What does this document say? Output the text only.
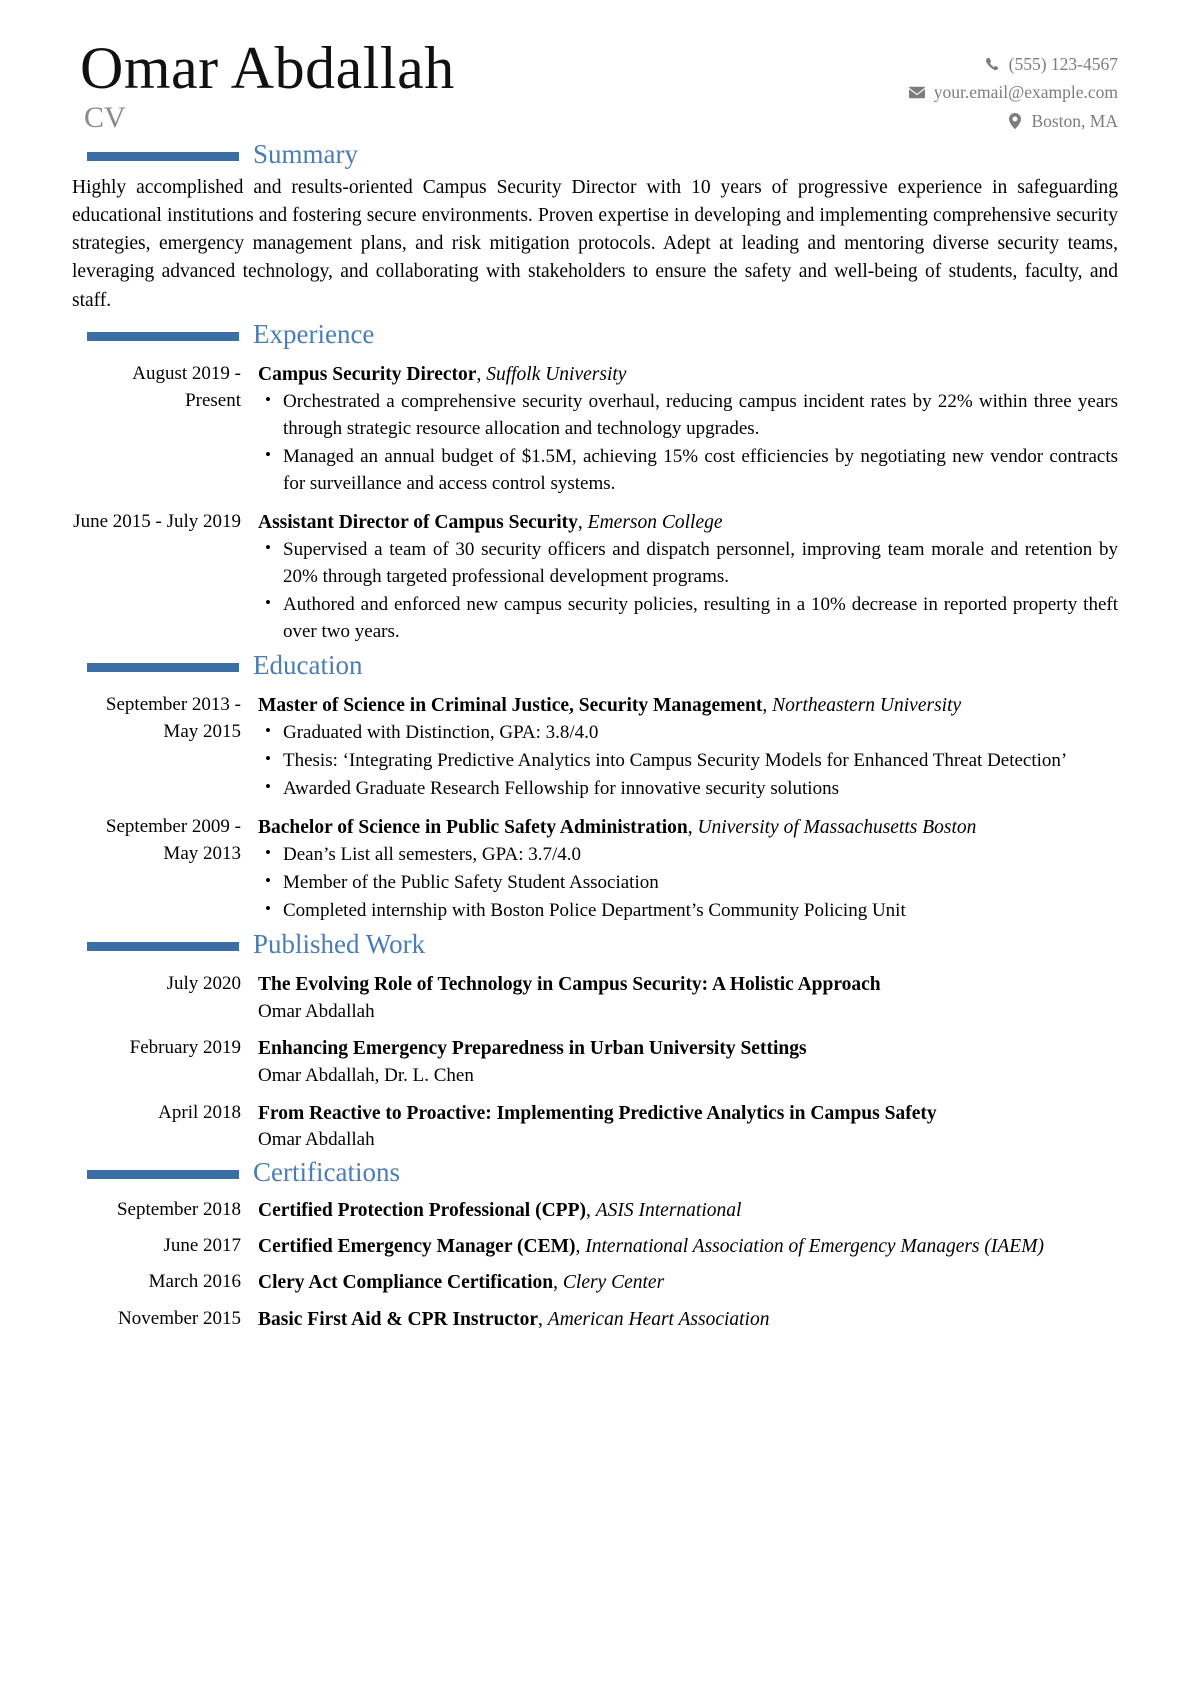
Omar Abdallah
CV
(555) 123-4567
your.email@example.com
Boston, MA
Summary

Highly accomplished and results-oriented Campus Security Director with 10 years of progressive experience in safeguarding educational institutions and fostering secure environments. Proven expertise in developing and implementing comprehensive security strategies, emergency management plans, and risk mitigation protocols. Adept at leading and mentoring diverse security teams, leveraging advanced technology, and collaborating with stakeholders to ensure the safety and well-being of students, faculty, and staff.

Experience
August 2019 - Present
Campus Security Director, Suffolk University
• Orchestrated a comprehensive security overhaul, reducing campus incident rates by 22% within three years through strategic resource allocation and technology upgrades.
• Managed an annual budget of $1.5M, achieving 15% cost efficiencies by negotiating new vendor contracts for surveillance and access control systems.
June 2015 - July 2019 Assistant Director of Campus Security, Emerson College
• Supervised a team of 30 security officers and dispatch personnel, improving team morale and retention by 20% through targeted professional development programs.
• Authored and enforced new campus security policies, resulting in a 10% decrease in reported property theft over two years.
Education
September 2013 - May 2015
Master of Science in Criminal Justice, Security Management, Northeastern University
• Graduated with Distinction, GPA: 3.8/4.0
• Thesis: ‘Integrating Predictive Analytics into Campus Security Models for Enhanced Threat Detection’
• Awarded Graduate Research Fellowship for innovative security solutions
September 2009 - May 2013
Bachelor of Science in Public Safety Administration, University of Massachusetts Boston
• Dean’s List all semesters, GPA: 3.7/4.0
• Member of the Public Safety Student Association
• Completed internship with Boston Police Department’s Community Policing Unit
Published Work
July 2020 The Evolving Role of Technology in Campus Security: A Holistic Approach
Omar Abdallah
February 2019 Enhancing Emergency Preparedness in Urban University Settings
Omar Abdallah, Dr. L. Chen
April 2018 From Reactive to Proactive: Implementing Predictive Analytics in Campus Safety
Omar Abdallah
Certifications
September 2018 Certified Protection Professional (CPP), ASIS International
June 2017 Certified Emergency Manager (CEM), International Association of Emergency Managers (IAEM)
March 2016 Clery Act Compliance Certification, Clery Center
November 2015 Basic First Aid & CPR Instructor, American Heart Association
